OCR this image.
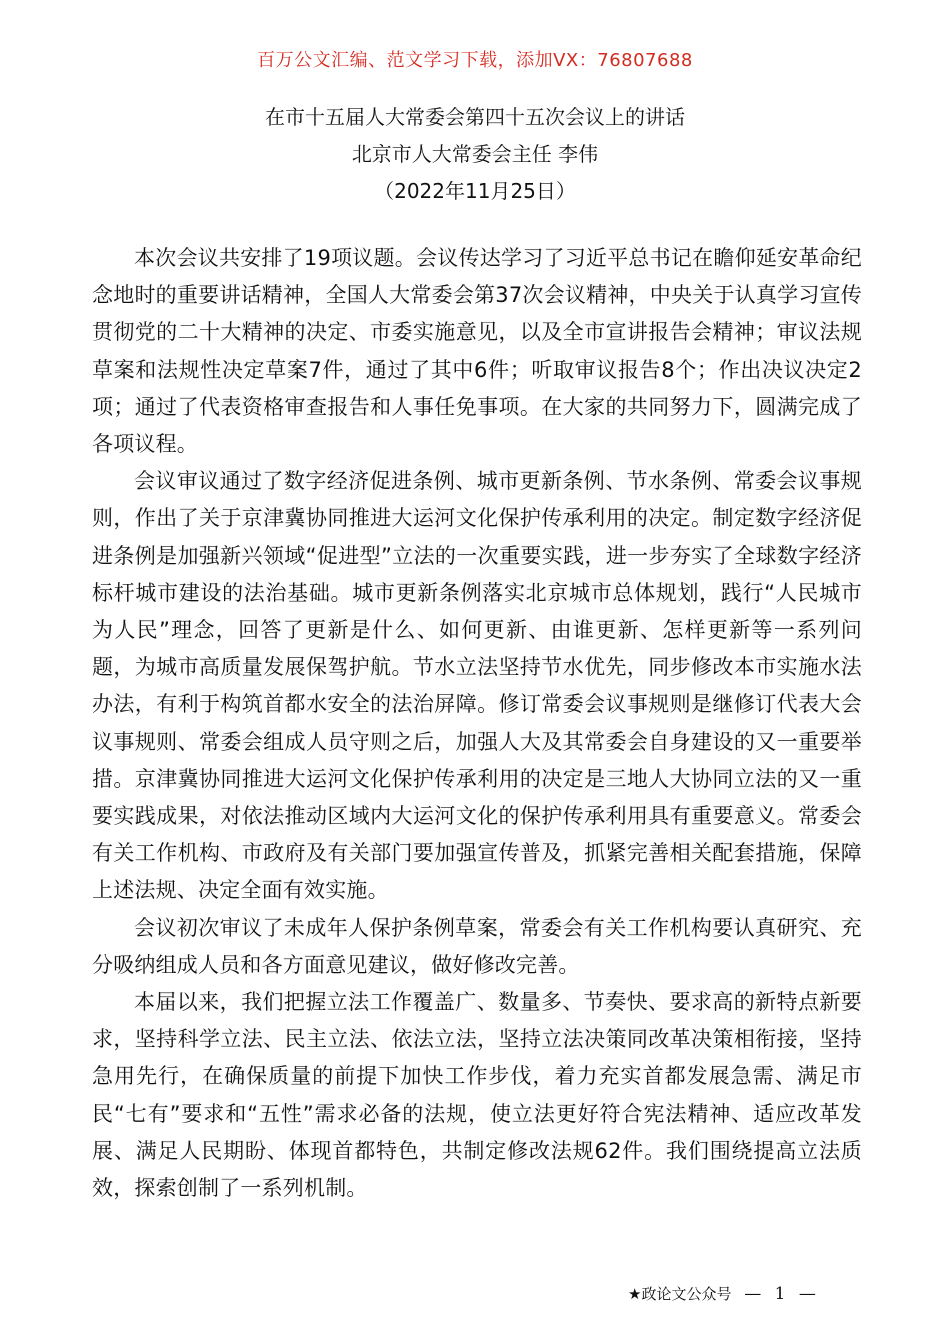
百万公文汇编、范文学习下载，添加VX：76807688
在市十五届人大常委会第四十五次会议上的讲话
北京市人大常委会主任 李伟
（2022年11月25日）

本次会议共安排了19项议题。会议传达学习了习近平总书记在瞻仰延安革命纪念地时的重要讲话精神，全国人大常委会第37次会议精神，中央关于认真学习宣传贯彻党的二十大精神的决定、市委实施意见，以及全市宣讲报告会精神；审议法规草案和法规性决定草案7件，通过了其中6件；听取审议报告8个；作出决议决定2项；通过了代表资格审查报告和人事任免事项。在大家的共同努力下，圆满完成了各项议程。

会议审议通过了数字经济促进条例、城市更新条例、节水条例、常委会议事规则，作出了关于京津冀协同推进大运河文化保护传承利用的决定。制定数字经济促进条例是加强新兴领域“促进型”立法的一次重要实践，进一步夯实了全球数字经济标杆城市建设的法治基础。城市更新条例落实北京城市总体规划，践行“人民城市为人民”理念，回答了更新是什么、如何更新、由谁更新、怎样更新等一系列问题，为城市高质量发展保驾护航。节水立法坚持节水优先，同步修改本市实施水法办法，有利于构筑首都水安全的法治屏障。修订常委会议事规则是继修订代表大会议事规则、常委会组成人员守则之后，加强人大及其常委会自身建设的又一重要举措。京津冀协同推进大运河文化保护传承利用的决定是三地人大协同立法的又一重要实践成果，对依法推动区域内大运河文化的保护传承利用具有重要意义。常委会有关工作机构、市政府及有关部门要加强宣传普及，抓紧完善相关配套措施，保障上述法规、决定全面有效实施。

会议初次审议了未成年人保护条例草案，常委会有关工作机构要认真研究、充分吸纳组成人员和各方面意见建议，做好修改完善。

本届以来，我们把握立法工作覆盖广、数量多、节奏快、要求高的新特点新要求，坚持科学立法、民主立法、依法立法，坚持立法决策同改革决策相衔接，坚持急用先行，在确保质量的前提下加快工作步伐，着力充实首都发展急需、满足市民“七有”要求和“五性”需求必备的法规，使立法更好符合宪法精神、适应改革发展、满足人民期盼、体现首都特色，共制定修改法规62件。我们围绕提高立法质效，探索创制了一系列机制。

★政论文公众号 — 1 —
